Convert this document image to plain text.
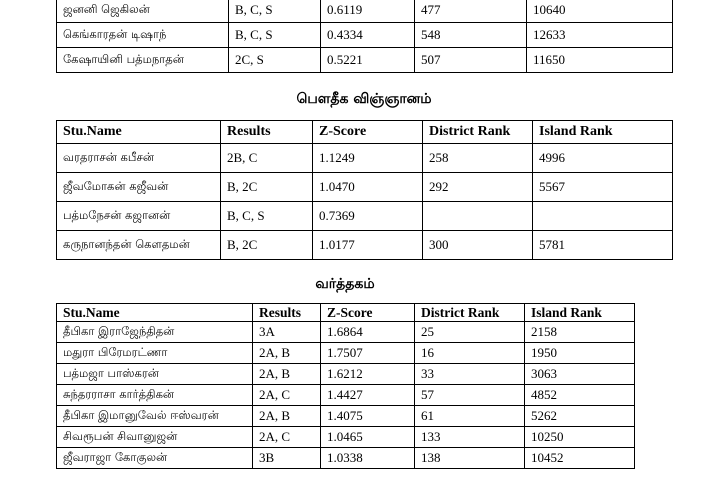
ஜனனி ஜெகிலன்	B, C, S	0.6119	477	10640
கெங்காரதன் டிஷாந்	B, C, S	0.4334	548	12633
கேஷாயினி பத்மநாதன்	2C, S	0.5221	507	11650
பௌதீக விஞ்ஞானம்
Stu.Name	Results	Z-Score	District Rank	Island Rank
வரதராசன் கபீசன்	2B, C	1.1249	258	4996
ஜீவமோகன் கஜீவன்	B, 2C	1.0470	292	5567
பத்மநேசன் கஜானன்	B, C, S	0.7369		
கருநானந்தன் கௌதமன்	B, 2C	1.0177	300	5781
வர்த்தகம்
Stu.Name	Results	Z-Score	District Rank	Island Rank
தீபிகா இராஜேந்திதன்	3A	1.6864	25	2158
மதுரா பிரேமரட்ணா	2A, B	1.7507	16	1950
பத்மஜா பாஸ்கரன்	2A, B	1.6212	33	3063
சுந்தரராசா கார்த்திகன்	2A, C	1.4427	57	4852
தீபிகா இமானுவேல் ஈஸ்வரன்	2A, B	1.4075	61	5262
சிவரூபன் சிவானுஜன்	2A, C	1.0465	133	10250
ஜீவராஜா கோகுலன்	3B	1.0338	138	10452
